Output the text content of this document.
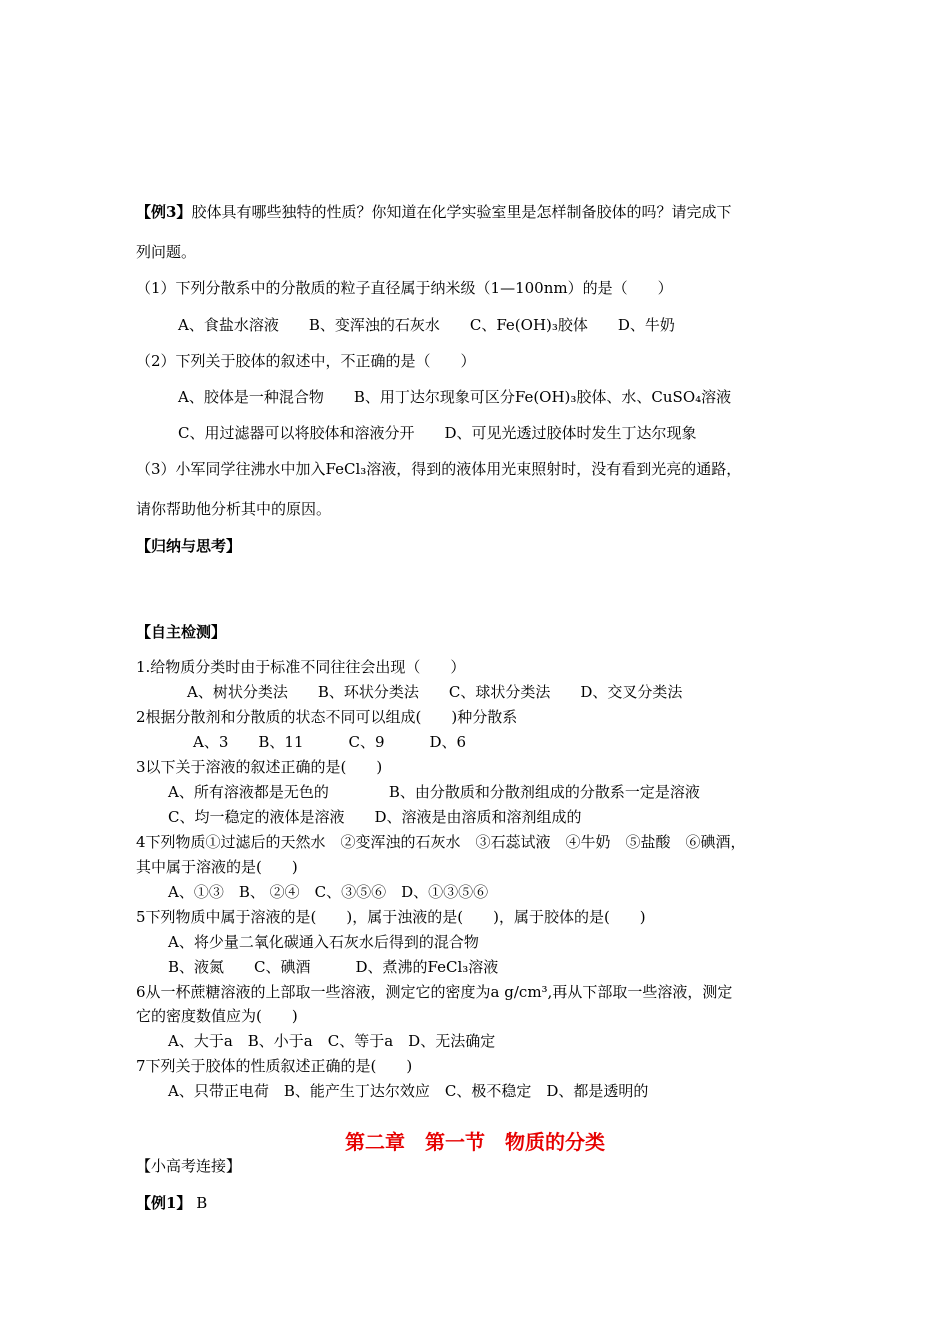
【例3】胶体具有哪些独特的性质？你知道在化学实验室里是怎样制备胶体的吗？请完成下
列问题。
（1）下列分散系中的分散质的粒子直径属于纳米级（1—100nm）的是（　　）
A、食盐水溶液　　B、变浑浊的石灰水　　C、Fe(OH)₃胶体　　D、牛奶
（2）下列关于胶体的叙述中，不正确的是（　　）
A、胶体是一种混合物　　B、用丁达尔现象可区分Fe(OH)₃胶体、水、CuSO₄溶液
C、用过滤器可以将胶体和溶液分开　　D、可见光透过胶体时发生丁达尔现象
（3）小军同学往沸水中加入FeCl₃溶液，得到的液体用光束照射时，没有看到光亮的通路，
请你帮助他分析其中的原因。
【归纳与思考】
【自主检测】
1.给物质分类时由于标准不同往往会出现（　　）
A、树状分类法　　B、环状分类法　　C、球状分类法　　D、交叉分类法
2根据分散剂和分散质的状态不同可以组成(　　)种分散系
A、3　　B、11　　　C、9　　　D、6
3以下关于溶液的叙述正确的是(　　)
A、所有溶液都是无色的　　　　B、由分散质和分散剂组成的分散系一定是溶液
C、均一稳定的液体是溶液　　D、溶液是由溶质和溶剂组成的
4下列物质①过滤后的天然水　②变浑浊的石灰水　③石蕊试液　④牛奶　⑤盐酸　⑥碘酒，
其中属于溶液的是(　　)
A、①③　B、 ②④　C、③⑤⑥　D、①③⑤⑥
5下列物质中属于溶液的是(　　)，属于浊液的是(　　)，属于胶体的是(　　)
A、将少量二氧化碳通入石灰水后得到的混合物
B、液氮　　C、碘酒　　　D、煮沸的FeCl₃溶液
6从一杯蔗糖溶液的上部取一些溶液，测定它的密度为a g/cm³,再从下部取一些溶液，测定
它的密度数值应为(　　)
A、大于a　B、小于a　C、等于a　D、无法确定
7下列关于胶体的性质叙述正确的是(　　)
A、只带正电荷　B、能产生丁达尔效应　C、极不稳定　D、都是透明的
第二章　第一节　物质的分类
【小高考连接】
【例1】 B
